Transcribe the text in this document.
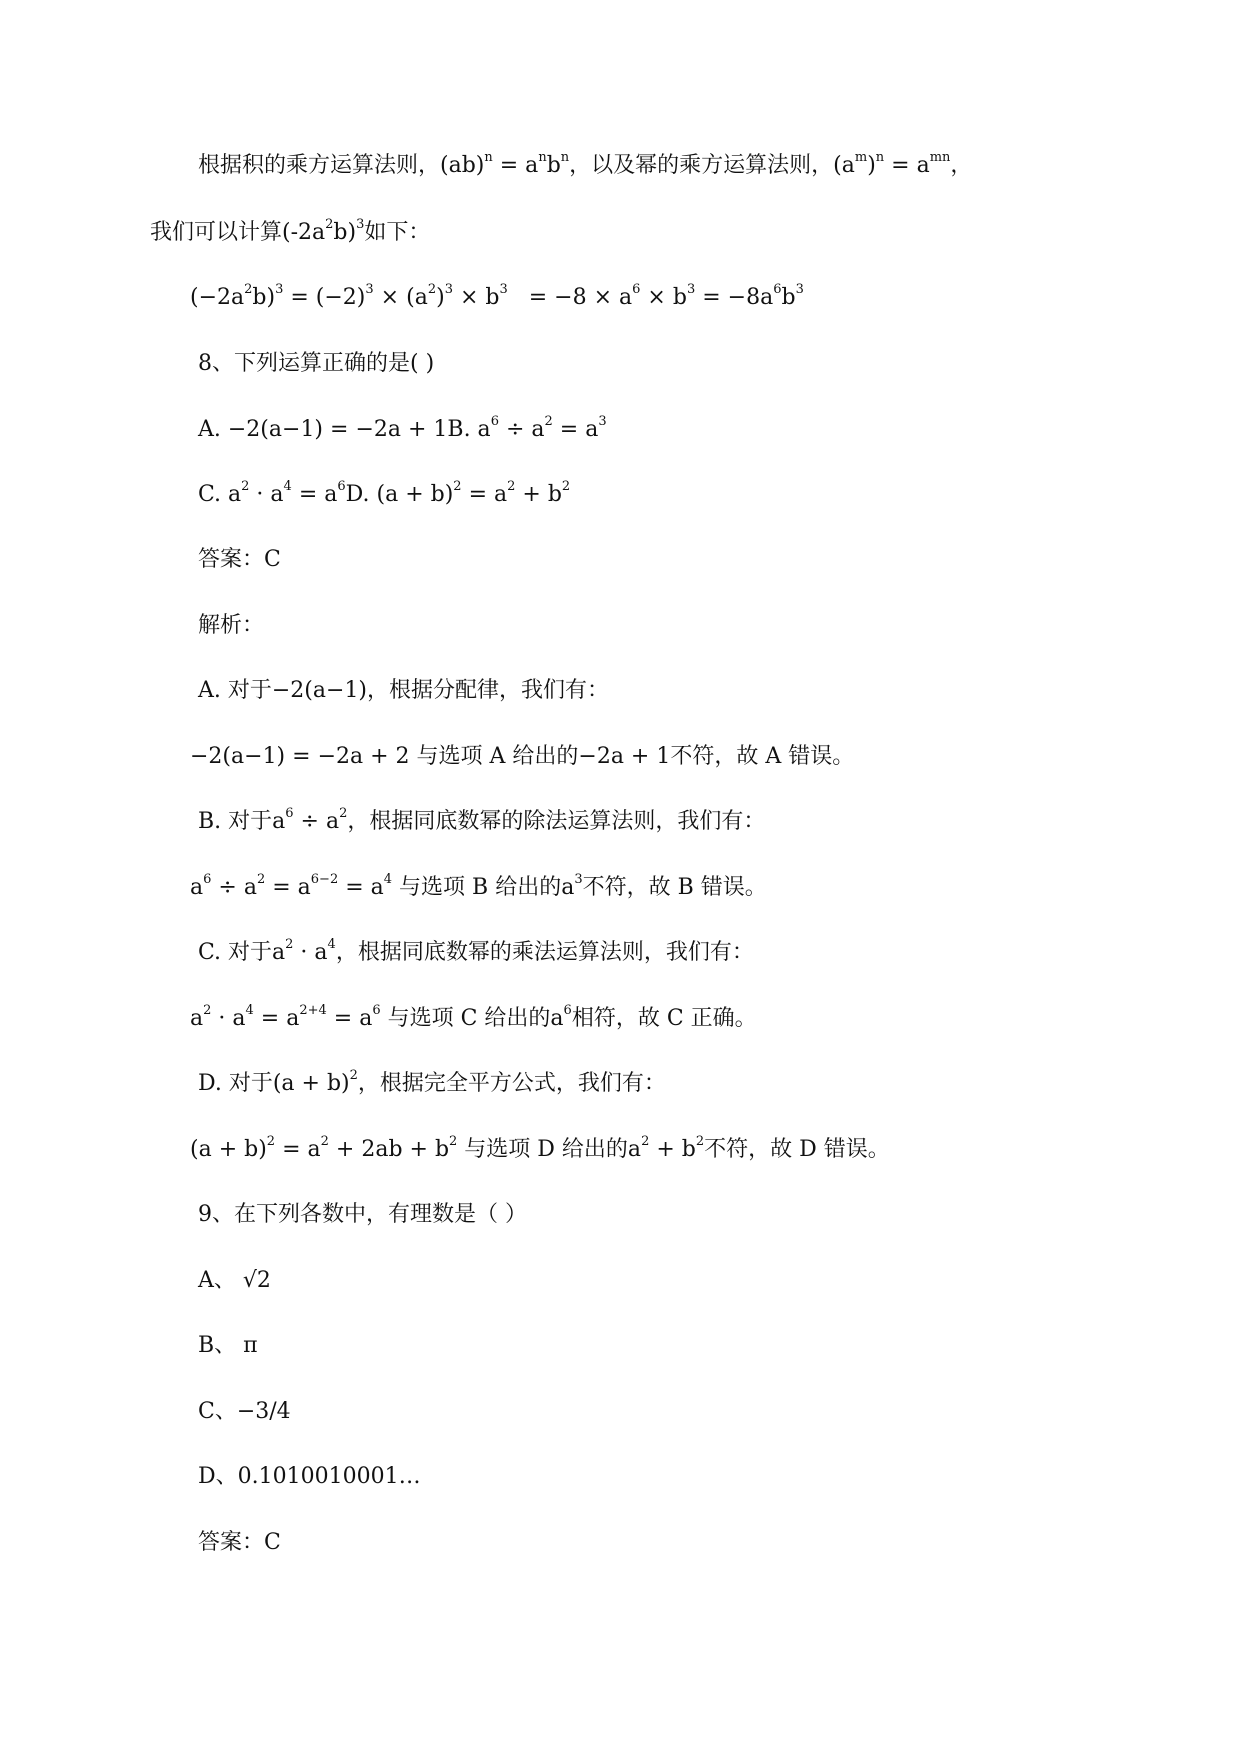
根据积的乘方运算法则，$(ab)^n = a^nb^n$，以及幂的乘方运算法则，$(a^m)^n = a^{mn}$，
我们可以计算$(-2a^2b)^3$如下：
$(-2a^2b)^3 = (-2)^3 \times (a^2)^3 \times b^3 = -8 \times a^6 \times b^3 = -8a^6b^3$
8、下列运算正确的是( )
A. −2(a−1) = −2a + 1B. $a^6 \div a^2 = a^3$
C. $a^2 \cdot a^4 = a^6D$. $(a + b)^2 = a^2 + b^2$
答案：C
解析：
A. 对于−2(a−1)，根据分配律，我们有：
−2(a−1) = −2a + 2 与选项 A 给出的−2a + 1不符，故 A 错误。
B. 对于$a^6 \div a^2$，根据同底数幂的除法运算法则，我们有：
$a^6 \div a^2 = a^{6-2} = a^4$ 与选项 B 给出的$a^3$不符，故 B 错误。
C. 对于$a^2 \cdot a^4$，根据同底数幂的乘法运算法则，我们有：
$a^2 \cdot a^4 = a^{2+4} = a^6$ 与选项 C 给出的$a^6$相符，故 C 正确。
D. 对于$(a + b)^2$，根据完全平方公式，我们有：
$(a + b)^2 = a^2 + 2ab + b^2$ 与选项 D 给出的$a^2 + b^2$不符，故 D 错误。
9、在下列各数中，有理数是（ ）
A、 √2
B、 π
C、−3/4
D、0.1010010001…
答案：C
